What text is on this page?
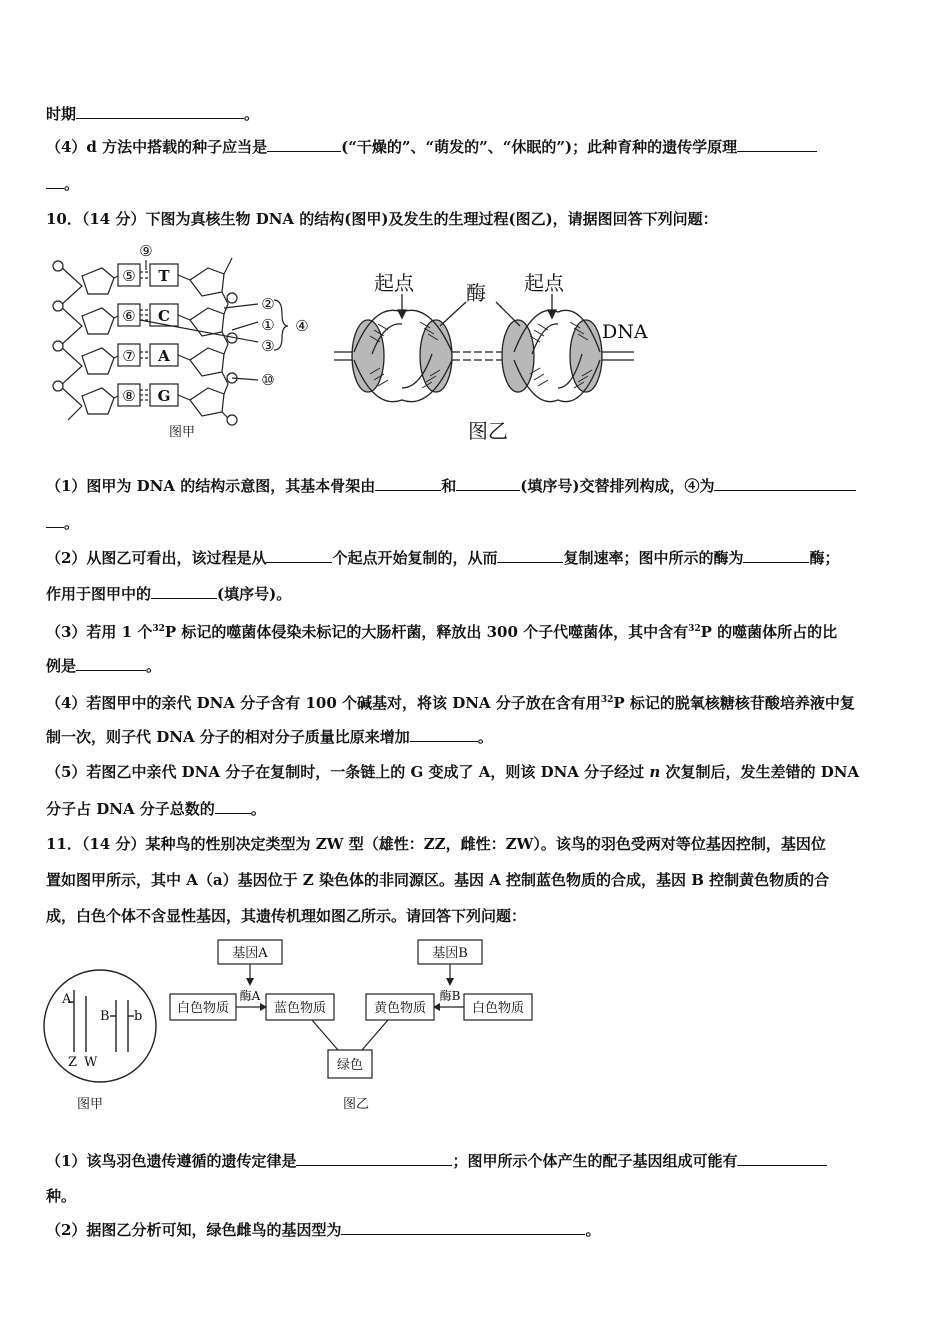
时期	。
（4）d 方法中搭载的种子应当是	(“干燥的”、“萌发的”、“休眠的”)；此种育种的遗传学原理
。
10．（14 分）下图为真核生物 DNA 的结构(图甲)及发生的生理过程(图乙)，请据图回答下列问题：
⑤
⑥
⑦
⑧
T
C
A
G
⑨
②
①
③
④
⑩
图甲
起点	酶 起点
DNA
图乙
（1）图甲为 DNA 的结构示意图，其基本骨架由	和	(填序号)交替排列构成，④为
。
（2）从图乙可看出，该过程是从	个起点开始复制的，从而	复制速率；图中所示的酶为	酶；
作用于图甲中的	(填序号)。
（3）若用 1 个$^{32}$P 标记的噬菌体侵染未标记的大肠杆菌，释放出 300 个子代噬菌体，其中含有$^{32}$P 的噬菌体所占的比
例是	。
（4）若图甲中的亲代 DNA 分子含有 100 个碱基对，将该 DNA 分子放在含有用$^{32}$P 标记的脱氧核糖核苷酸培养液中复
制一次，则子代 DNA 分子的相对分子质量比原来增加	。
（5）若图乙中亲代 DNA 分子在复制时，一条链上的 G 变成了 A，则该 DNA 分子经过 n 次复制后，发生差错的 DNA
分子占 DNA 分子总数的 。
11．（14 分）某种鸟的性别决定类型为 ZW 型（雄性：ZZ，雌性：ZW）。该鸟的羽色受两对等位基因控制，基因位
置如图甲所示，其中 A（a）基因位于 Z 染色体的非同源区。基因 A 控制蓝色物质的合成，基因 B 控制黄色物质的合
成，白色个体不含显性基因，其遗传机理如图乙所示。请回答下列问题：
A
B b
Z W
图甲
基因A	基因B
酶A	酶B
白色物质	蓝色物质	黄色物质	白色物质
绿色
图乙
（1）该鸟羽色遗传遵循的遗传定律是	；图甲所示个体产生的配子基因组成可能有
种。
（2）据图乙分析可知，绿色雌鸟的基因型为	。
